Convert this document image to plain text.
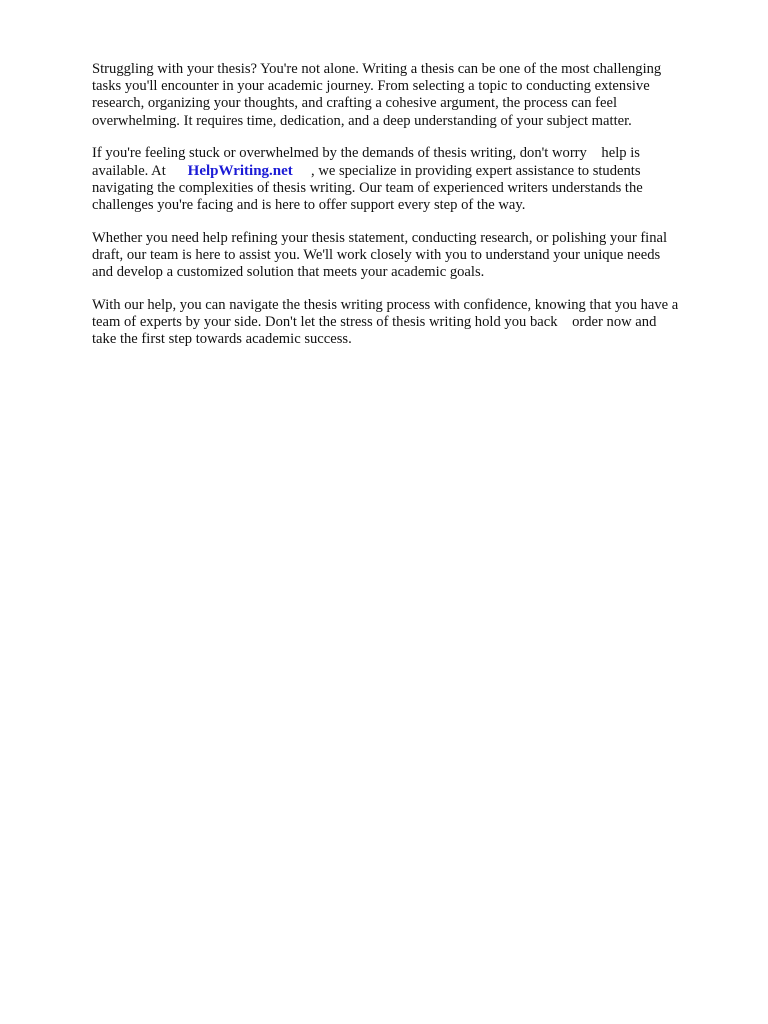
Struggling with your thesis? You're not alone. Writing a thesis can be one of the most challenging
tasks you'll encounter in your academic journey. From selecting a topic to conducting extensive
research, organizing your thoughts, and crafting a cohesive argument, the process can feel
overwhelming. It requires time, dedication, and a deep understanding of your subject matter.

If you're feeling stuck or overwhelmed by the demands of thesis writing, don't worry    help is
available. At      HelpWriting.net     , we specialize in providing expert assistance to students
navigating the complexities of thesis writing. Our team of experienced writers understands the
challenges you're facing and is here to offer support every step of the way.

Whether you need help refining your thesis statement, conducting research, or polishing your final
draft, our team is here to assist you. We'll work closely with you to understand your unique needs
and develop a customized solution that meets your academic goals.

With our help, you can navigate the thesis writing process with confidence, knowing that you have a
team of experts by your side. Don't let the stress of thesis writing hold you back    order now and
take the first step towards academic success.
